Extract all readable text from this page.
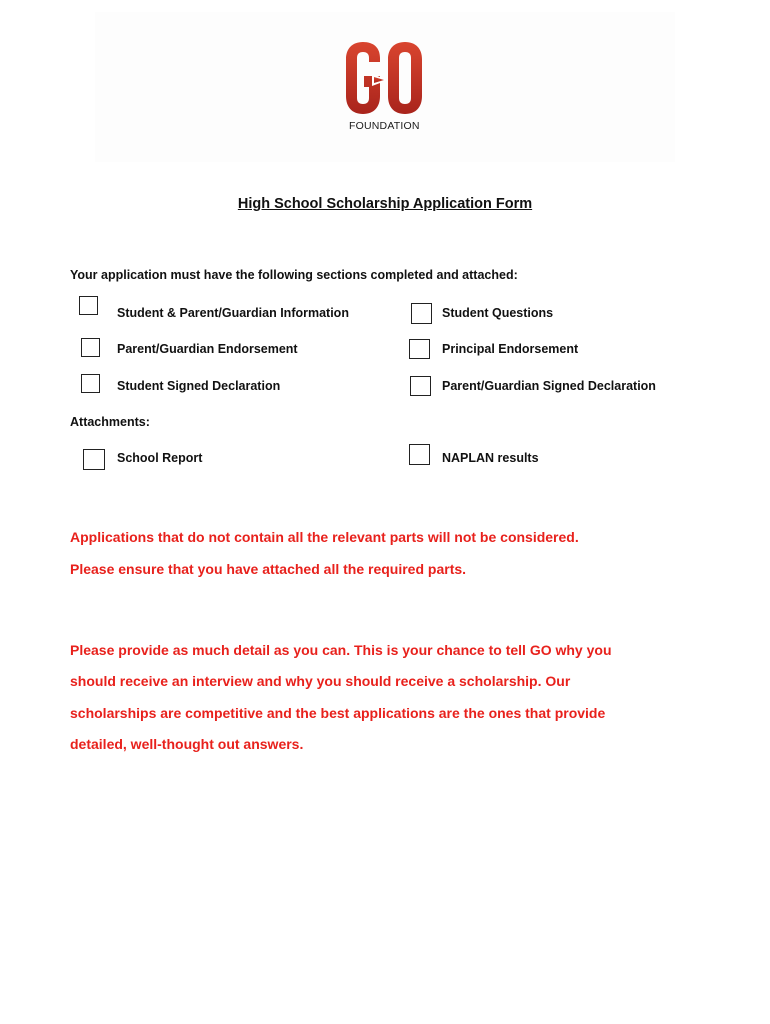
FOUNDATION
High School Scholarship Application Form
Your application must have the following sections completed and attached:
Student & Parent/Guardian Information	Student Questions
Parent/Guardian Endorsement	Principal Endorsement
Student Signed Declaration	Parent/Guardian Signed Declaration
Attachments:
School Report	NAPLAN results
Applications that do not contain all the relevant parts will not be considered.
Please ensure that you have attached all the required parts.
Please provide as much detail as you can. This is your chance to tell GO why you
should receive an interview and why you should receive a scholarship. Our
scholarships are competitive and the best applications are the ones that provide
detailed, well-thought out answers.
